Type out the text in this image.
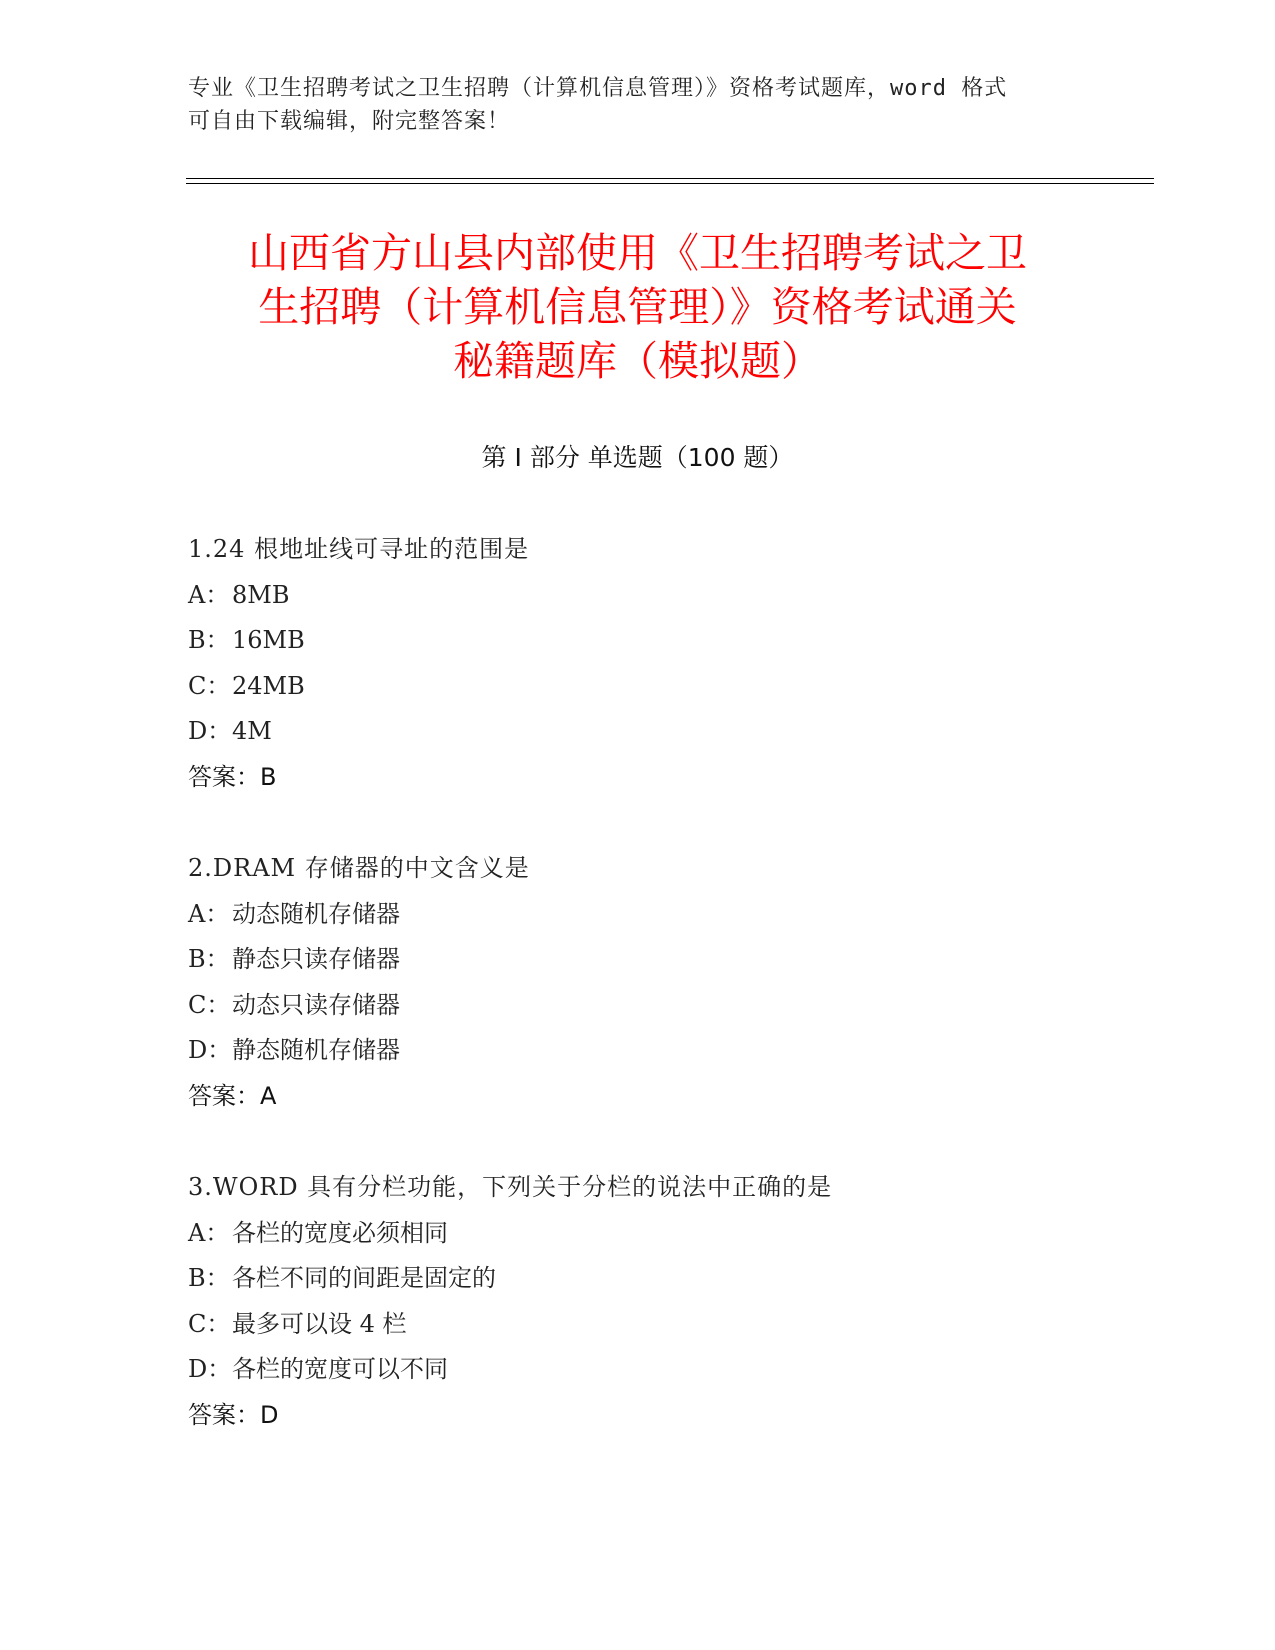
专业《卫生招聘考试之卫生招聘（计算机信息管理）》资格考试题库，word 格式
可自由下载编辑，附完整答案！
山西省方山县内部使用《卫生招聘考试之卫
生招聘（计算机信息管理）》资格考试通关
秘籍题库（模拟题）
第 I 部分 单选题（100 题）
1.24 根地址线可寻址的范围是
A： 8MB
B：16MB
C：24MB
D：4M
答案：B
2.DRAM 存储器的中文含义是
A： 动态随机存储器
B：静态只读存储器
C：动态只读存储器
D：静态随机存储器
答案：A
3.WORD 具有分栏功能，下列关于分栏的说法中正确的是
A： 各栏的宽度必须相同
B：各栏不同的间距是固定的
C：最多可以设 4 栏
D：各栏的宽度可以不同
答案：D
